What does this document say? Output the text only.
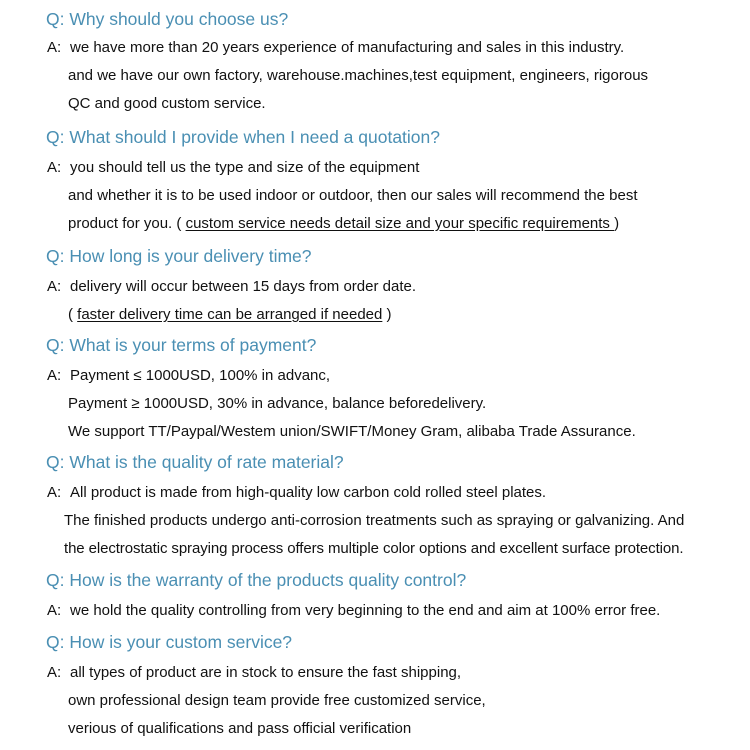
Q: Why should you choose us?
A: we have more than 20 years experience of manufacturing and sales in this industry.
and we have our own factory, warehouse.machines,test equipment, engineers, rigorous
QC and good custom service.
Q: What should I provide when I need a quotation?
A: you should tell us the type and size of the equipment
and whether it is to be used indoor or outdoor, then our sales will recommend the best
product for you. ( custom service needs detail size and your specific requirements )
Q: How long is your delivery time?
A: delivery will occur between 15 days from order date.
( faster delivery time can be arranged if needed )
Q: What is your terms of payment?
A: Payment ≤ 1000USD, 100% in advanc,
Payment ≥ 1000USD, 30% in advance, balance beforedelivery.
We support TT/Paypal/Westem union/SWIFT/Money Gram, alibaba Trade Assurance.
Q: What is the quality of rate material?
A: All product is made from high-quality low carbon cold rolled steel plates.
The finished products undergo anti-corrosion treatments such as spraying or galvanizing. And
the electrostatic spraying process offers multiple color options and excellent surface protection.
Q: How is the warranty of the products quality control?
A: we hold the quality controlling from very beginning to the end and aim at 100% error free.
Q: How is your custom service?
A: all types of product are in stock to ensure the fast shipping,
own professional design team provide free customized service,
verious of qualifications and pass official verification
